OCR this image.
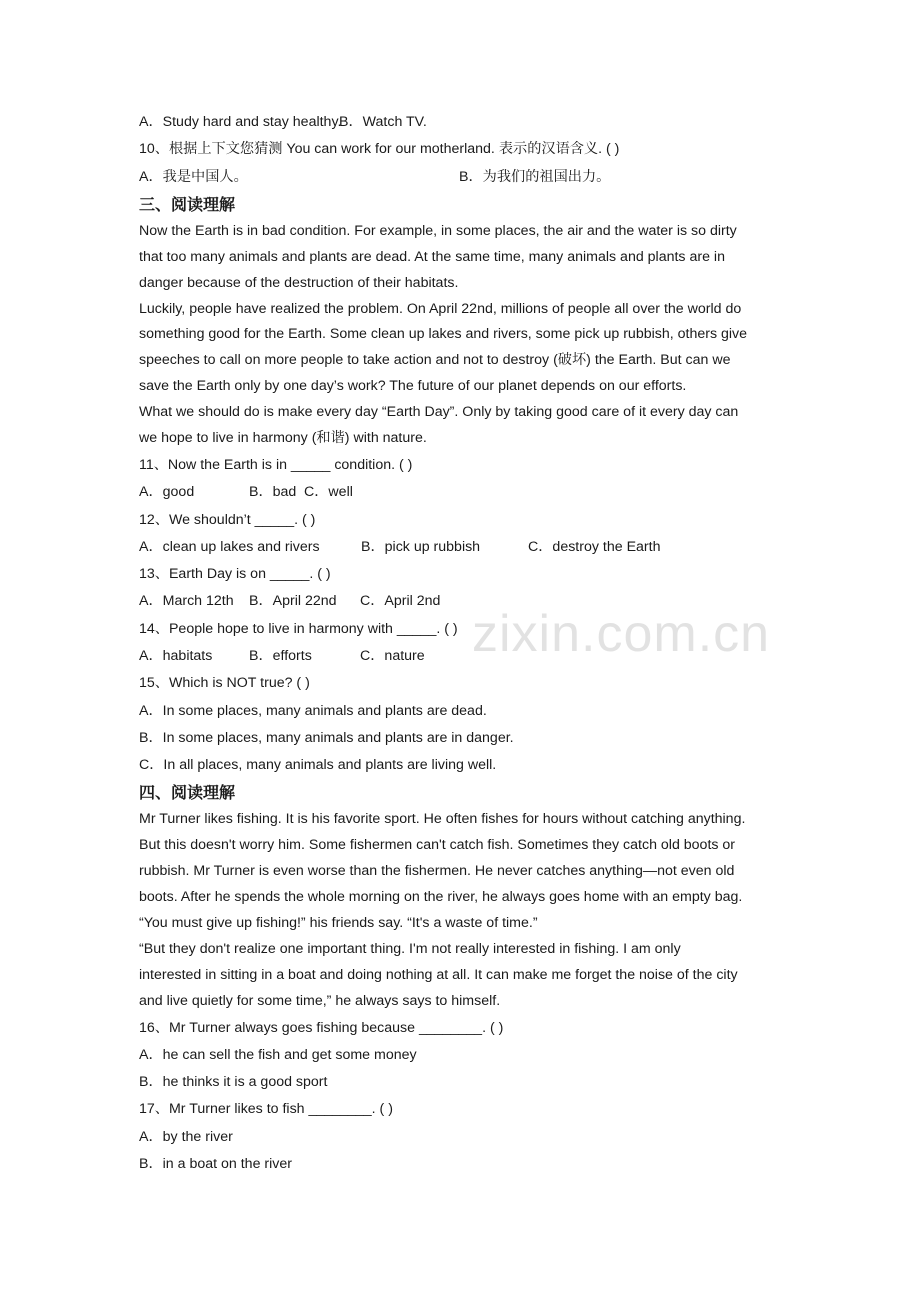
A．Study hard and stay healthy.B．Watch TV.
10、根据上下文您猜测 You can work for our motherland. 表示的汉语含义. ( )
A．我是中国人。	B．为我们的祖国出力。
三、阅读理解
Now the Earth is in bad condition. For example, in some places, the air and the water is so dirty
that too many animals and plants are dead. At the same time, many animals and plants are in
danger because of the destruction of their habitats.
Luckily, people have realized the problem. On April 22nd, millions of people all over the world do
something good for the Earth. Some clean up lakes and rivers, some pick up rubbish, others give
speeches to call on more people to take action and not to destroy (破坏) the Earth. But can we
save the Earth only by one day’s work? The future of our planet depends on our efforts.
What we should do is make every day “Earth Day”. Only by taking good care of it every day can
we hope to live in harmony (和谐) with nature.
11、Now the Earth is in _____ condition. ( )
A．good	B．bad C．well
12、We shouldn’t _____. ( )
A．clean up lakes and rivers	B．pick up rubbish	C．destroy the Earth
13、Earth Day is on _____. ( )
A．March 12th B．April 22nd C．April 2nd
14、People hope to live in harmony with _____. ( )
A．habitats	B．efforts	C．nature
15、Which is NOT true? ( )
A．In some places, many animals and plants are dead.
B．In some places, many animals and plants are in danger.
C．In all places, many animals and plants are living well.
四、阅读理解
Mr Turner likes fishing. It is his favorite sport. He often fishes for hours without catching anything.
But this doesn't worry him. Some fishermen can't catch fish. Sometimes they catch old boots or
rubbish. Mr Turner is even worse than the fishermen. He never catches anything—not even old
boots. After he spends the whole morning on the river, he always goes home with an empty bag.
“You must give up fishing!” his friends say. “It's a waste of time.”
“But they don't realize one important thing. I'm not really interested in fishing. I am only
interested in sitting in a boat and doing nothing at all. It can make me forget the noise of the city
and live quietly for some time,” he always says to himself.
16、Mr Turner always goes fishing because ________. ( )
A．he can sell the fish and get some money
B．he thinks it is a good sport
17、Mr Turner likes to fish ________. ( )
A．by the river
B．in a boat on the river
zixin.com.cn
